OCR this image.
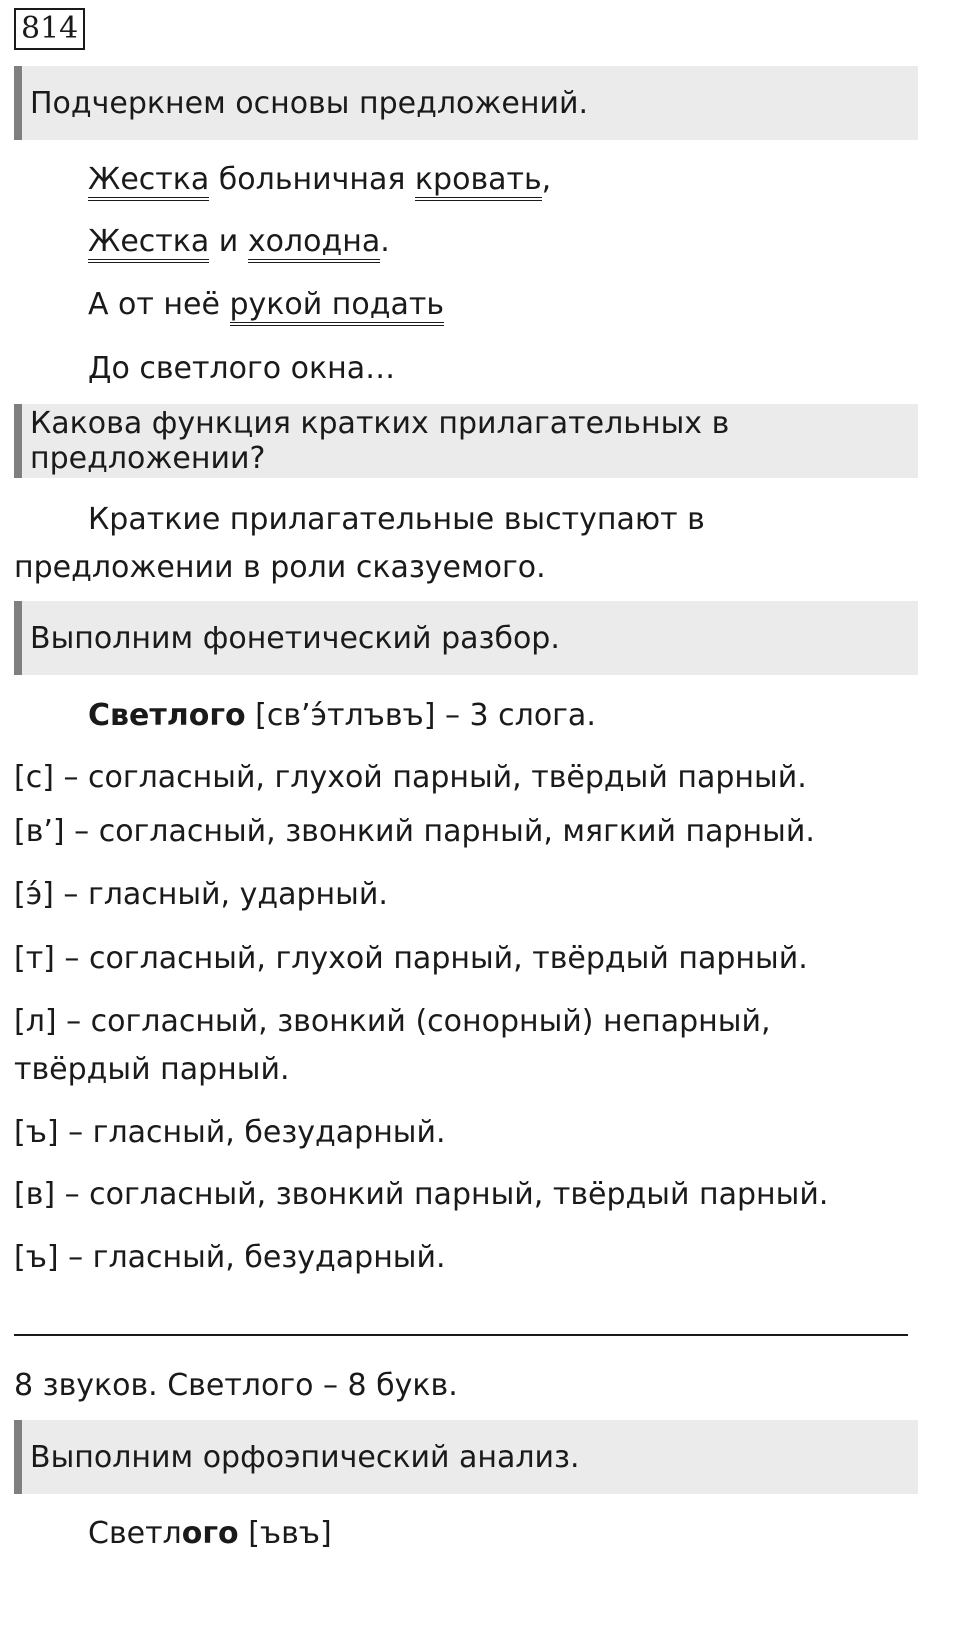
814
Подчеркнем основы предложений.
Жестка больничная кровать,
Жестка и холодна.
А от неё рукой подать
До светлого окна…
Какова функция кратких прилагательных в предложении?
Краткие прилагательные выступают в предложении в роли сказуемого.
Выполним фонетический разбор.
Светлого [св’э́тлъвъ] – 3 слога.
[с] – согласный, глухой парный, твёрдый парный.
[в’] – согласный, звонкий парный, мягкий парный.
[э́] – гласный, ударный.
[т] – согласный, глухой парный, твёрдый парный.
[л] – согласный, звонкий (сонорный) непарный, твёрдый парный.
[ъ] – гласный, безударный.
[в] – согласный, звонкий парный, твёрдый парный.
[ъ] – гласный, безударный.
8 звуков. Светлого – 8 букв.
Выполним орфоэпический анализ.
Светлого [ъвъ]
